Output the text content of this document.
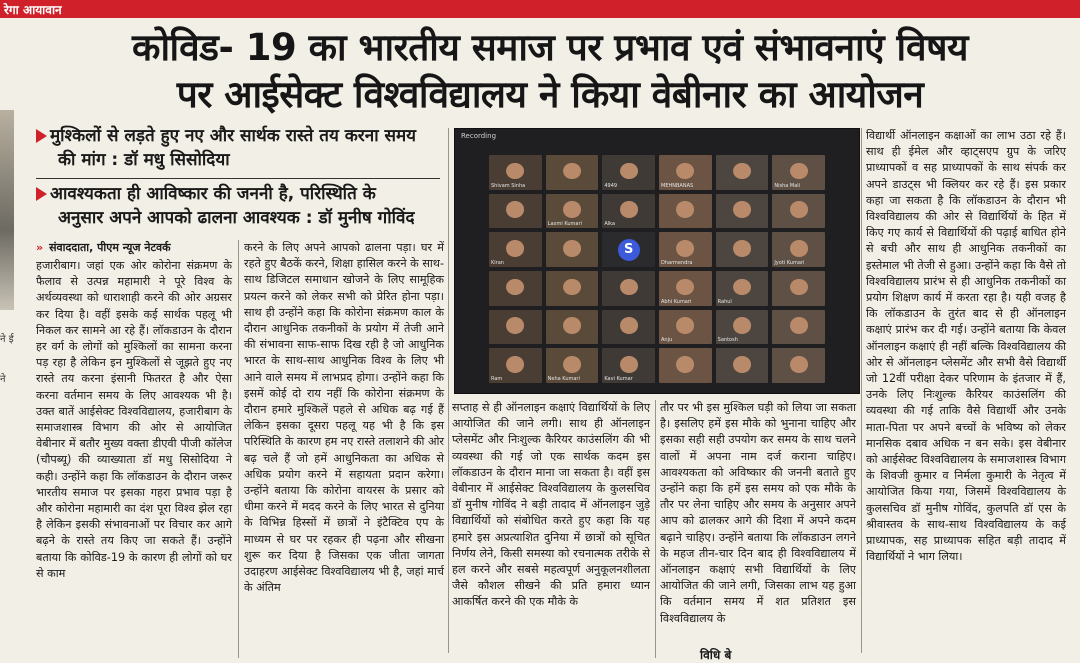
रेगा आयावान
ने ई ने
कोविड- 19 का भारतीय समाज पर प्रभाव एवं संभावनाएं विषय
पर आईसेक्ट विश्वविद्यालय ने किया वेबीनार का आयोजन
मुश्किलों से लड़ते हुए नए और सार्थक रास्ते तय करना समय
की मांग : डॉ मधु सिसोदिया
आवश्यकता ही आविष्कार की जननी है, परिस्थिति के
अनुसार अपने आपको ढालना आवश्यक : डॉ मुनीष गोविंद
» संवाददाता, पीएम न्यूज नेटवर्क

हजारीबाग। जहां एक ओर कोरोना संक्रमण के फैलाव से उत्पन्न महामारी ने पूरे विश्व के अर्थव्यवस्था को धाराशाही करने की ओर अग्रसर कर दिया है। वहीं इसके कई सार्थक पहलू भी निकल कर सामने आ रहे हैं। लॉकडाउन के दौरान हर वर्ग के लोगों को मुश्किलों का सामना करना पड़ रहा है लेकिन इन मुश्किलों से जूझते हुए नए रास्ते तय करना इंसानी फितरत है और ऐसा करना वर्तमान समय के लिए आवश्यक भी है। उक्त बातें आईसेक्ट विश्वविद्यालय, हजारीबाग के समाजशास्त्र विभाग की ओर से आयोजित वेबीनार में बतौर मुख्य वक्ता डीएवी पीजी कॉलेज (चौपब्यू) की व्याख्याता डॉ मधु सिसोदिया ने कही। उन्होंने कहा कि लॉकडाउन के दौरान जरूर भारतीय समाज पर इसका गहरा प्रभाव पड़ा है और कोरोना महामारी का दंश पूरा विश्व झेल रहा है लेकिन इसकी संभावनाओं पर विचार कर आगे बढ़ने के रास्ते तय किए जा सकते हैं। उन्होंने बताया कि कोविड-19 के कारण ही लोगों को घर से काम

करने के लिए अपने आपको ढालना पड़ा। घर में रहते हुए बैठकें करने, शिक्षा हासिल करने के साथ-साथ डिजिटल समाधान खोजने के लिए सामूहिक प्रयत्न करने को लेकर सभी को प्रेरित होना पड़ा। साथ ही उन्होंने कहा कि कोरोना संक्रमण काल के दौरान आधुनिक तकनीकों के प्रयोग में तेजी आने की संभावना साफ-साफ दिख रही है जो आधुनिक भारत के साथ-साथ आधुनिक विश्व के लिए भी आने वाले समय में लाभप्रद होगा। उन्होंने कहा कि इसमें कोई दो राय नहीं कि कोरोना संक्रमण के दौरान हमारे मुश्किलें पहले से अधिक बढ़ गई हैं लेकिन इसका दूसरा पहलू यह भी है कि इस परिस्थिति के कारण हम नए रास्ते तलाशने की ओर बढ़ चले हैं जो हमें आधुनिकता का अधिक से अधिक प्रयोग करने में सहायता प्रदान करेगा। उन्होंने बताया कि कोरोना वायरस के प्रसार को धीमा करने में मदद करने के लिए भारत से दुनिया के विभिन्न हिस्सों में छात्रों ने इंटैक्टिव एप के माध्यम से घर पर रहकर ही पढ़ना और सीखना शुरू कर दिया है जिसका एक जीता जागता उदाहरण आईसेक्ट विश्वविद्यालय भी है, जहां मार्च के अंतिम

Recording
Shivam Sinha	4949	MEHNBANAS	Nisha Mali
Laxmi Kumari	Alka
Kiran
S
Dharmendra	Jyoti Kumari
Abhi Kumari	Rahul
Anju	Santosh
Ram	Neha Kumari	Kavi Kumar

सप्ताह से ही ऑनलाइन कक्षाएं विद्यार्थियों के लिए आयोजित की जाने लगी। साथ ही ऑनलाइन प्लेसमेंट और निःशुल्क कैरियर काउंसलिंग की भी व्यवस्था की गई जो एक सार्थक कदम इस लॉकडाउन के दौरान माना जा सकता है। वहीं इस वेबीनार में आईसेक्ट विश्वविद्यालय के कुलसचिव डॉ मुनीष गोविंद ने बड़ी तादाद में ऑनलाइन जुड़े विद्यार्थियों को संबोधित करते हुए कहा कि यह हमारे इस अप्रत्याशित दुनिया में छात्रों को सूचित निर्णय लेने, किसी समस्या को रचनात्मक तरीके से हल करने और सबसे महत्वपूर्ण अनुकूलनशीलता जैसे कौशल सीखने की प्रति हमारा ध्यान आकर्षित करने की एक मौके के

तौर पर भी इस मुश्किल घड़ी को लिया जा सकता है। इसलिए हमें इस मौके को भुनाना चाहिए और इसका सही सही उपयोग कर समय के साथ चलने वालों में अपना नाम दर्ज कराना चाहिए। आवश्यकता को अविष्कार की जननी बताते हुए उन्होंने कहा कि हमें इस समय को एक मौके के तौर पर लेना चाहिए और समय के अनुसार अपने आप को ढालकर आगे की दिशा में अपने कदम बढ़ाने चाहिए। उन्होंने बताया कि लॉकडाउन लगने के महज तीन-चार दिन बाद ही विश्वविद्यालय में ऑनलाइन कक्षाएं सभी विद्यार्थियों के लिए आयोजित की जाने लगी, जिसका लाभ यह हुआ कि वर्तमान समय में शत प्रतिशत इस विश्वविद्यालय के

विद्यार्थी ऑनलाइन कक्षाओं का लाभ उठा रहे हैं। साथ ही ईमेल और व्हाट्सएप ग्रुप के जरिए प्राध्यापकों व सह प्राध्यापकों के साथ संपर्क कर अपने डाउट्स भी क्लियर कर रहे हैं। इस प्रकार कहा जा सकता है कि लॉकडाउन के दौरान भी विश्वविद्यालय की ओर से विद्यार्थियों के हित में किए गए कार्य से विद्यार्थियों की पढ़ाई बाधित होने से बची और साथ ही आधुनिक तकनीकों का इस्तेमाल भी तेजी से हुआ। उन्होंने कहा कि वैसे तो विश्वविद्यालय प्रारंभ से ही आधुनिक तकनीकों का प्रयोग शिक्षण कार्य में करता रहा है। यही वजह है कि लॉकडाउन के तुरंत बाद से ही ऑनलाइन कक्षाएं प्रारंभ कर दी गई। उन्होंने बताया कि केवल ऑनलाइन कक्षाएं ही नहीं बल्कि विश्वविद्यालय की ओर से ऑनलाइन प्लेसमेंट और सभी वैसे विद्यार्थी जो 12वीं परीक्षा देकर परिणाम के इंतजार में हैं, उनके लिए निःशुल्क कैरियर काउंसलिंग की व्यवस्था की गई ताकि वैसे विद्यार्थी और उनके माता-पिता पर अपने बच्चों के भविष्य को लेकर मानसिक दबाव अधिक न बन सके। इस वेबीनार को आईसेक्ट विश्वविद्यालय के समाजशास्त्र विभाग के शिवजी कुमार व निर्मला कुमारी के नेतृत्व में आयोजित किया गया, जिसमें विश्वविद्यालय के कुलसचिव डॉ मुनीष गोविंद, कुलपति डॉ एस के श्रीवास्तव के साथ-साथ विश्वविद्यालय के कई प्राध्यापक, सह प्राध्यापक सहित बड़ी तादाद में विद्यार्थियों ने भाग लिया।

विधि बे
